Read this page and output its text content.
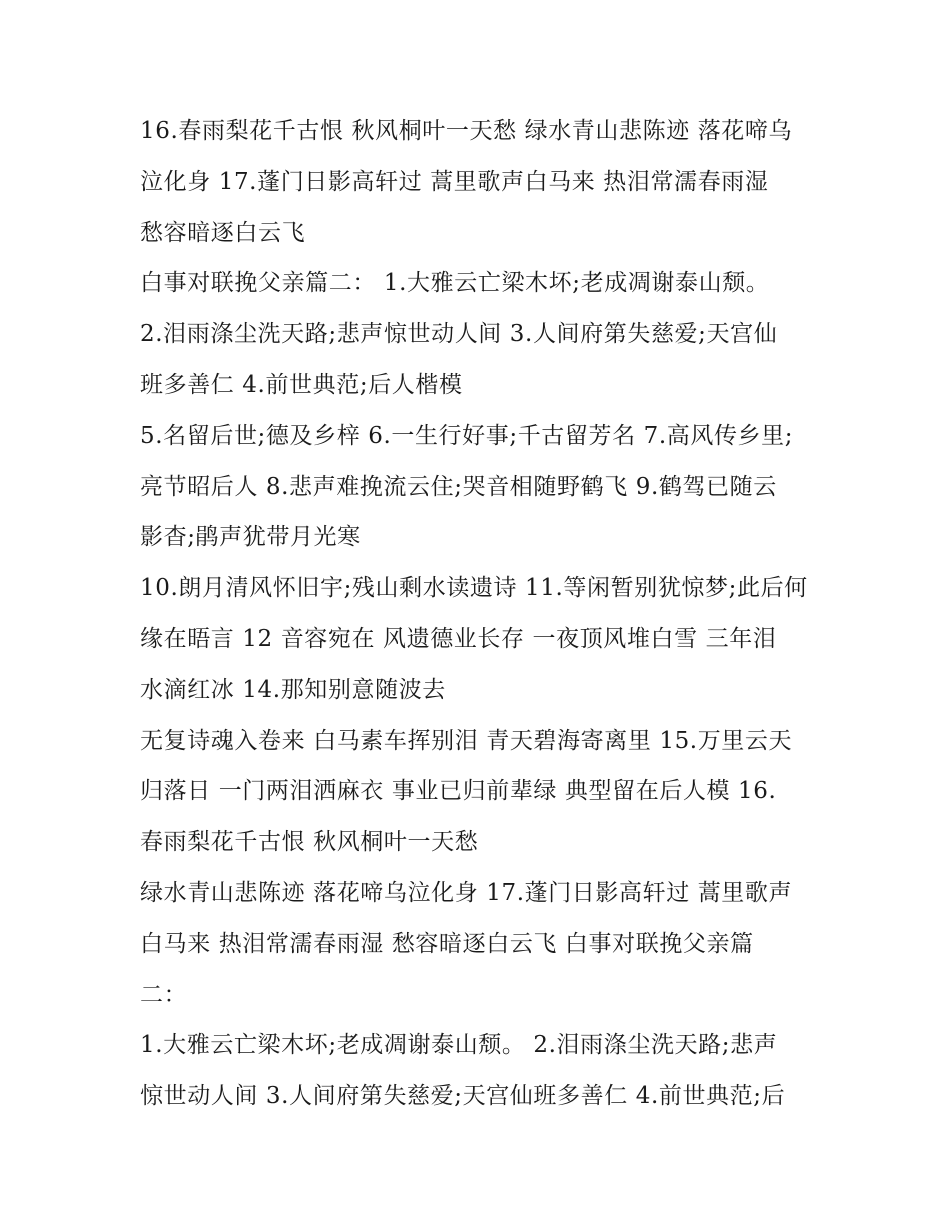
16.春雨梨花千古恨 秋风桐叶一天愁 绿水青山悲陈迹 落花啼乌
泣化身 17.蓬门日影高轩过 蒿里歌声白马来 热泪常濡春雨湿
愁容暗逐白云飞
白事对联挽父亲篇二： 1.大雅云亡梁木坏;老成凋谢泰山颓。
2.泪雨涤尘洗天路;悲声惊世动人间 3.人间府第失慈爱;天宫仙
班多善仁 4.前世典范;后人楷模
5.名留后世;德及乡梓 6.一生行好事;千古留芳名 7.高风传乡里;
亮节昭后人 8.悲声难挽流云住;哭音相随野鹤飞 9.鹤驾已随云
影杳;鹃声犹带月光寒
10.朗月清风怀旧宇;残山剩水读遗诗 11.等闲暂别犹惊梦;此后何
缘在晤言 12 音容宛在 风遗德业长存 一夜顶风堆白雪 三年泪
水滴红冰 14.那知别意随波去
无复诗魂入卷来 白马素车挥别泪 青天碧海寄离里 15.万里云天
归落日 一门两泪洒麻衣 事业已归前辈绿 典型留在后人模 16.
春雨梨花千古恨 秋风桐叶一天愁
绿水青山悲陈迹 落花啼乌泣化身 17.蓬门日影高轩过 蒿里歌声
白马来 热泪常濡春雨湿 愁容暗逐白云飞 白事对联挽父亲篇
二：
1.大雅云亡梁木坏;老成凋谢泰山颓。 2.泪雨涤尘洗天路;悲声
惊世动人间 3.人间府第失慈爱;天宫仙班多善仁 4.前世典范;后
